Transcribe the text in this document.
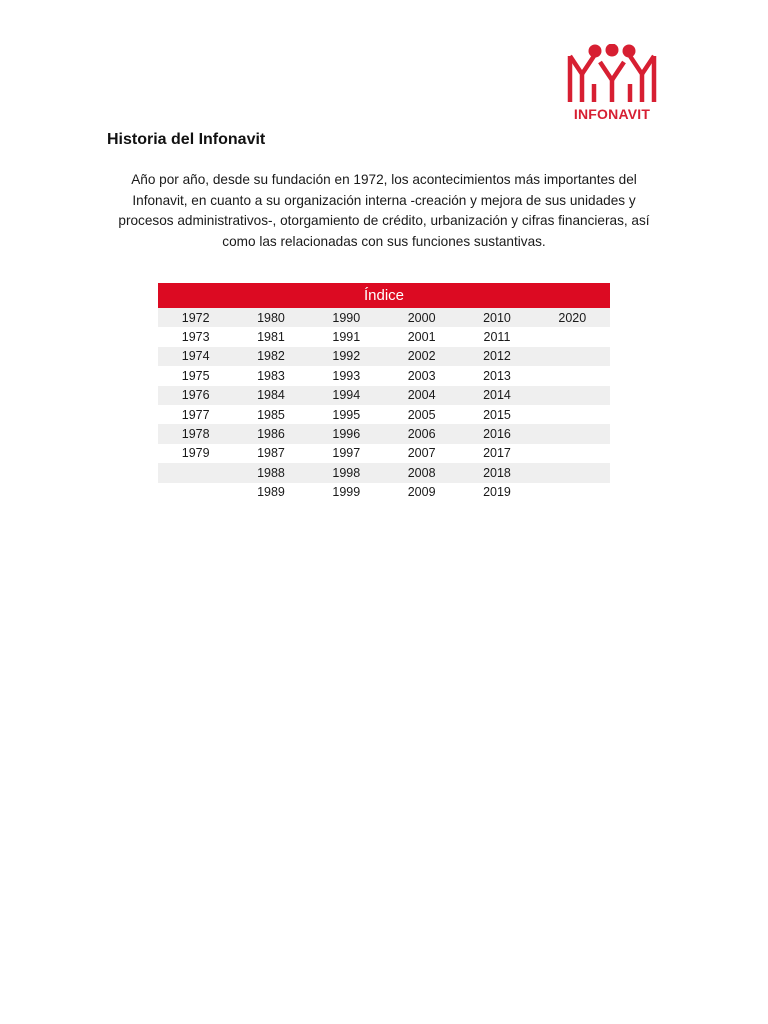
INFONAVIT
Historia del Infonavit
Año por año, desde su fundación en 1972, los acontecimientos más importantes del Infonavit, en cuanto a su organización interna -creación y mejora de sus unidades y procesos administrativos-, otorgamiento de crédito, urbanización y cifras financieras, así como las relacionadas con sus funciones sustantivas.
Índice					
1972	1980	1990	2000	2010	2020
1973	1981	1991	2001	2011	
1974	1982	1992	2002	2012	
1975	1983	1993	2003	2013	
1976	1984	1994	2004	2014	
1977	1985	1995	2005	2015	
1978	1986	1996	2006	2016	
1979	1987	1997	2007	2017	
	1988	1998	2008	2018	
	1989	1999	2009	2019	
